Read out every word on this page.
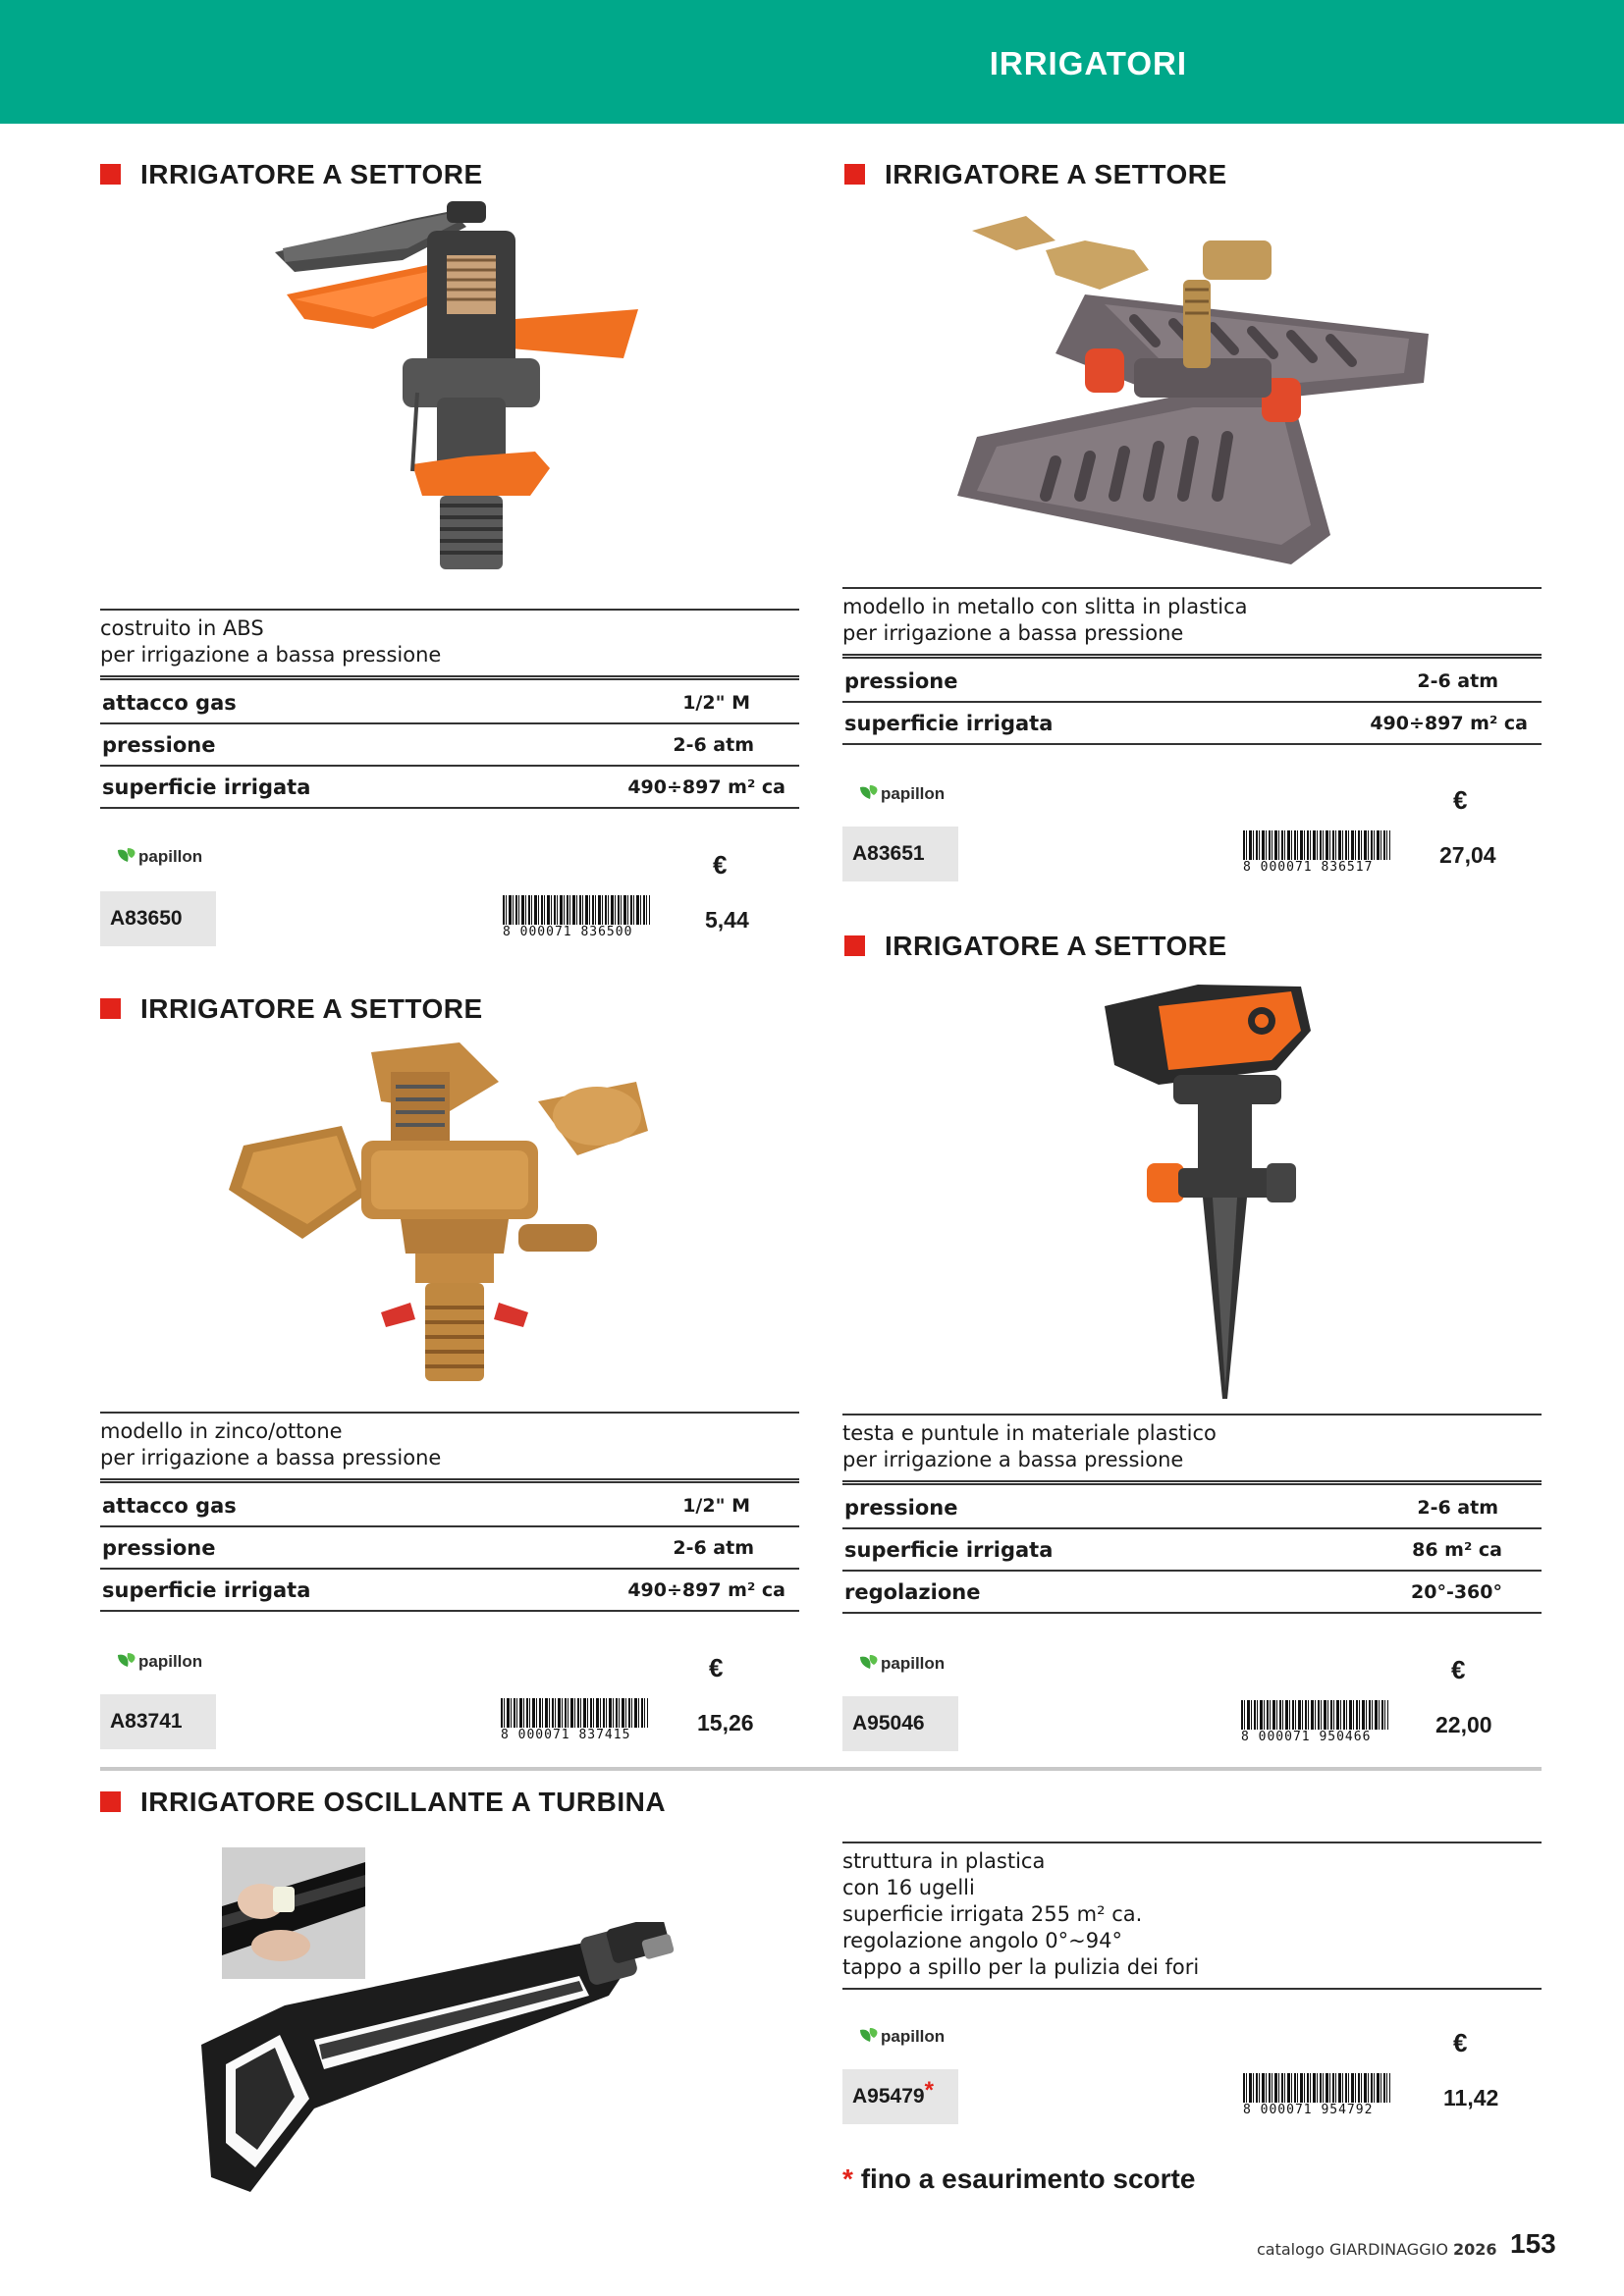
IRRIGATORI
IRRIGATORE A SETTORE
costruito in ABS
per irrigazione a bassa pressione
attacco gas	1/2" M
pressione	2-6 atm
superficie irrigata	490÷897 m² ca
papillon	€
A83650
8 000071 836500	5,44
IRRIGATORE A SETTORE
modello in metallo con slitta in plastica
per irrigazione a bassa pressione
pressione	2-6 atm
superficie irrigata	490÷897 m² ca
papillon	€
A83651
8 000071 836517	27,04
IRRIGATORE A SETTORE
modello in zinco/ottone
per irrigazione a bassa pressione
attacco gas	1/2" M
pressione	2-6 atm
superficie irrigata	490÷897 m² ca
papillon	€
A83741
8 000071 837415	15,26
IRRIGATORE A SETTORE
testa e puntule in materiale plastico
per irrigazione a bassa pressione
pressione	2-6 atm
superficie irrigata	86 m² ca
regolazione	20°-360°
papillon	€
A95046
8 000071 950466	22,00
IRRIGATORE OSCILLANTE A TURBINA
struttura in plastica
con 16 ugelli
superficie irrigata 255 m² ca.
regolazione angolo 0°~94°
tappo a spillo per la pulizia dei fori
papillon	€
A95479 *
8 000071 954792	11,42
* fino a esaurimento scorte
catalogo GIARDINAGGIO 2026 153
